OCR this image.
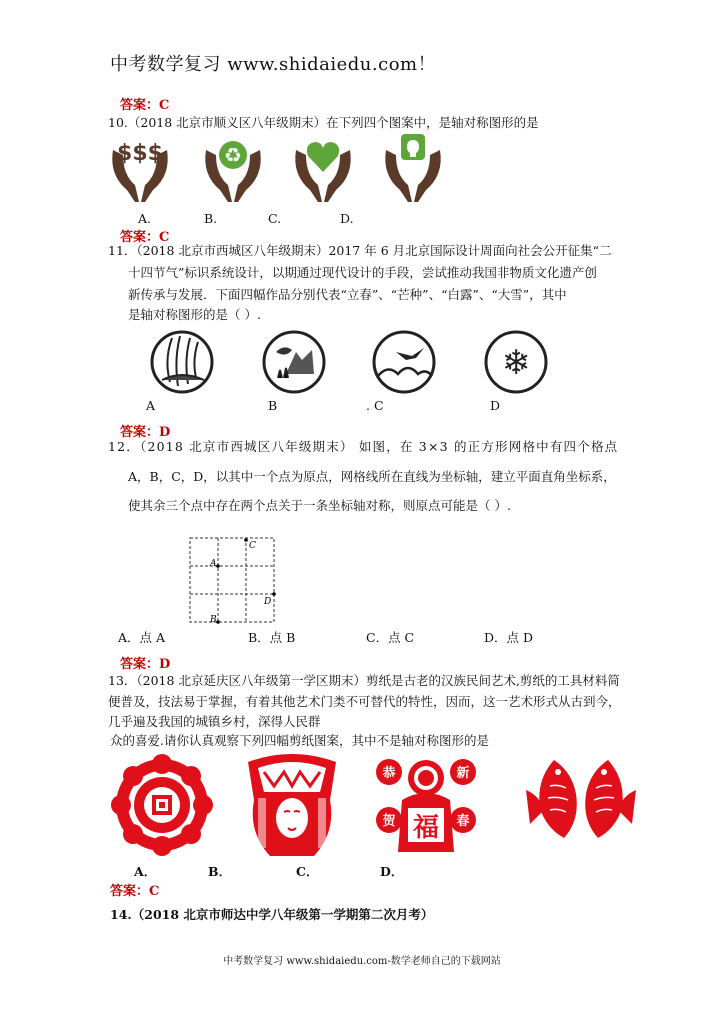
中考数学复习 www.shidaiedu.com！
答案：C
10.（2018 北京市顺义区八年级期末）在下列四个图案中，是轴对称图形的是
$$$	♻
A.	B.	C.	D.
答案：C
11．（2018 北京市西城区八年级期末）2017 年 6 月北京国际设计周面向社会公开征集“二
十四节气”标识系统设计，以期通过现代设计的手段，尝试推动我国非物质文化遗产创
新传承与发展．下面四幅作品分别代表“立春”、“芒种”、“白露”、“大雪”，其中
是轴对称图形的是（ ）.
❄
A	B	. C	D
答案：D
12．（2018 北京市西城区八年级期末） 如图，在 3×3 的正方形网格中有四个格点
A，B，C，D，以其中一个点为原点，网格线所在直线为坐标轴，建立平面直角坐标系，
使其余三个点中存在两个点关于一条坐标轴对称，则原点可能是（ ）.
C
A
D
B
A．点 A	B．点 B	C．点 C	D．点 D
答案：D
13．（2018 北京延庆区八年级第一学区期末）剪纸是古老的汉族民间艺术,剪纸的工具材料简
便普及，技法易于掌握，有着其他艺术门类不可替代的特性，因而，这一艺术形式从古到今，
几乎遍及我国的城镇乡村，深得人民群
众的喜爱.请你认真观察下列四幅剪纸图案，其中不是轴对称图形的是
恭	新
贺	春
福
A．	B．	C．	D．
答案：C
14.（2018 北京市师达中学八年级第一学期第二次月考）
中考数学复习 www.shidaiedu.com-数学老师自己的下载网站
